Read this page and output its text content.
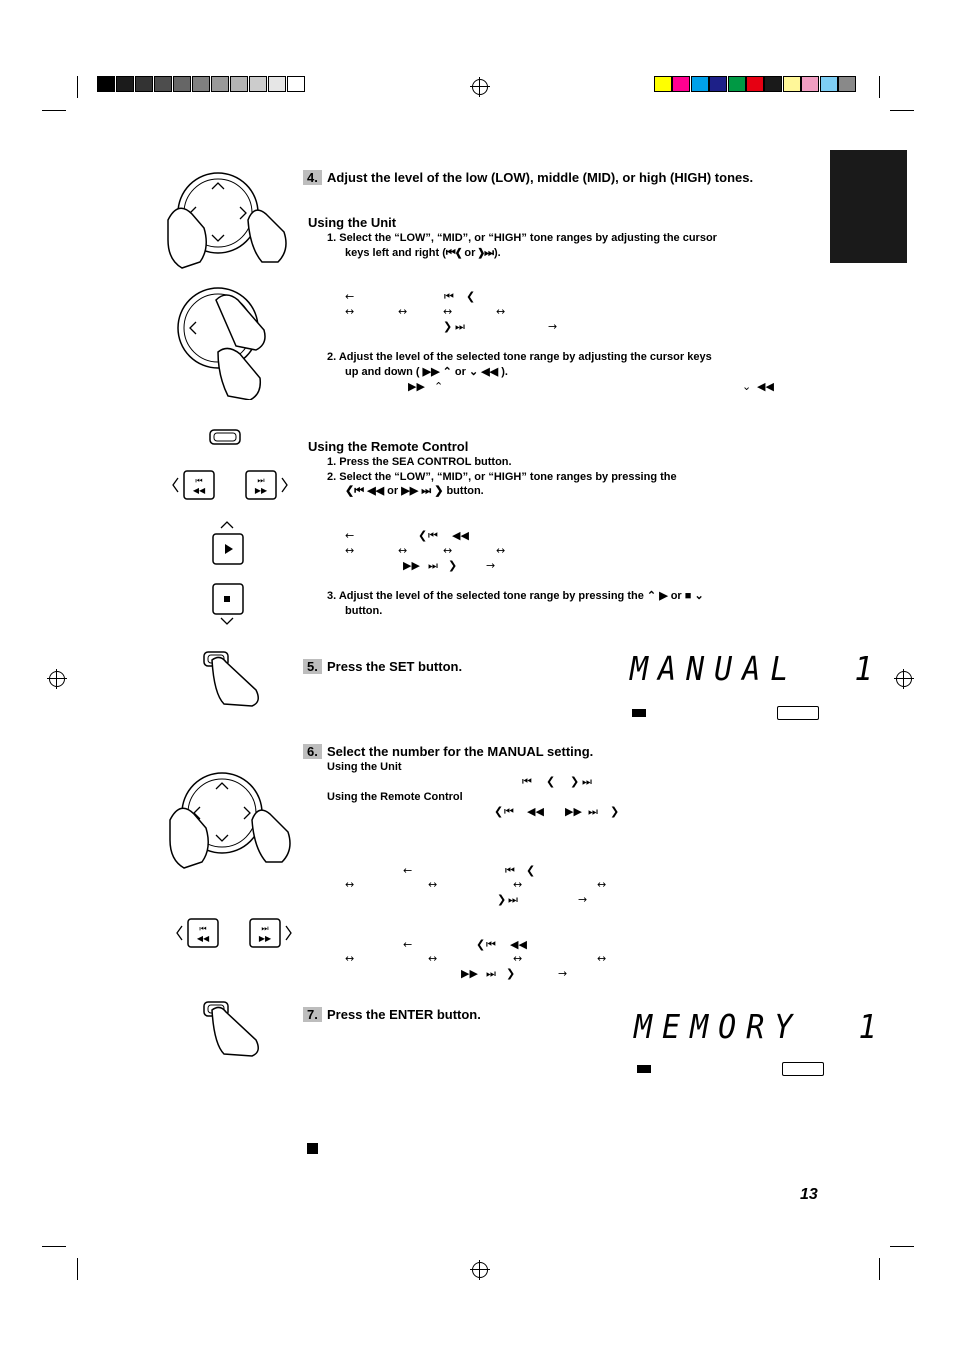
⏮
◀◀
⏭
▶▶
⏮
◀◀
⏭
▶▶
4. Adjust the level of the low (LOW), middle (MID), or high (HIGH) tones.
Using the Unit
1. Select the “LOW”, “MID”, or “HIGH” tone ranges by adjusting the cursor
keys left and right (⏮❮ or ❯⏭).
←	⏮ ❮
↔	↔	↔	↔
❯ ⏭	→
2. Adjust the level of the selected tone range by adjusting the cursor keys
up and down ( ▶▶ ⌃ or ⌄ ◀◀ ).
▶▶ ⌃	⌄ ◀◀
Using the Remote Control
1. Press the SEA CONTROL button.
2. Select the “LOW”, “MID”, or “HIGH” tone ranges by pressing the
❮⏮ ◀◀ or ▶▶ ⏭ ❯ button.
←	❮ ⏮ ◀◀
↔	↔	↔	↔
▶▶ ⏭ ❯	→
3. Adjust the level of the selected tone range by pressing the ⌃ ▶ or ■ ⌄
button.
5. Press the SET button.	MANUAL  1
6. Select the number for the MANUAL setting.
Using the Unit
⏮ ❮ ❯ ⏭
Using the Remote Control
❮ ⏮ ◀◀ ▶▶ ⏭ ❯
←	⏮ ❮
↔	↔	↔	↔
❯ ⏭	→
←	❮ ⏮ ◀◀
↔	↔	↔	↔
▶▶ ⏭ ❯	→
7. Press the ENTER button.	MEMORY  1
13
